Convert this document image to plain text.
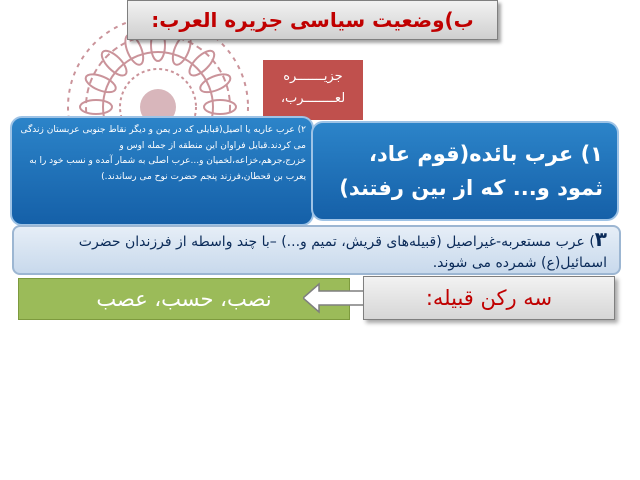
ب)وضعیت سیاسی جزیره العرب:
جزیـــــــره
لعــــــــرب،
۲) عرب عاربه یا اصیل(قبایلی که در یمن و دیگر نقاط جنوبی عربستان زندگی می کردند.قبایل فراوان این منطقه از جمله اوس و خزرج،جرهم،خزاعه،لخمیان و...عرب اصلی به شمار آمده و نسب خود را به یعرب بن قحطان،فرزند پنجم حضرت نوح می رساندند.)
۱) عرب بائده(قوم عاد، ثمود و... که از بین رفتند)
۳) عرب مستعربه-غیراصیل (قبیله‌های قریش، تمیم و...) –با چند واسطه از فرزندان حضرت اسمائیل(ع) شمرده می شوند.
نصب، حسب، عصب	سه رکن قبیله:
